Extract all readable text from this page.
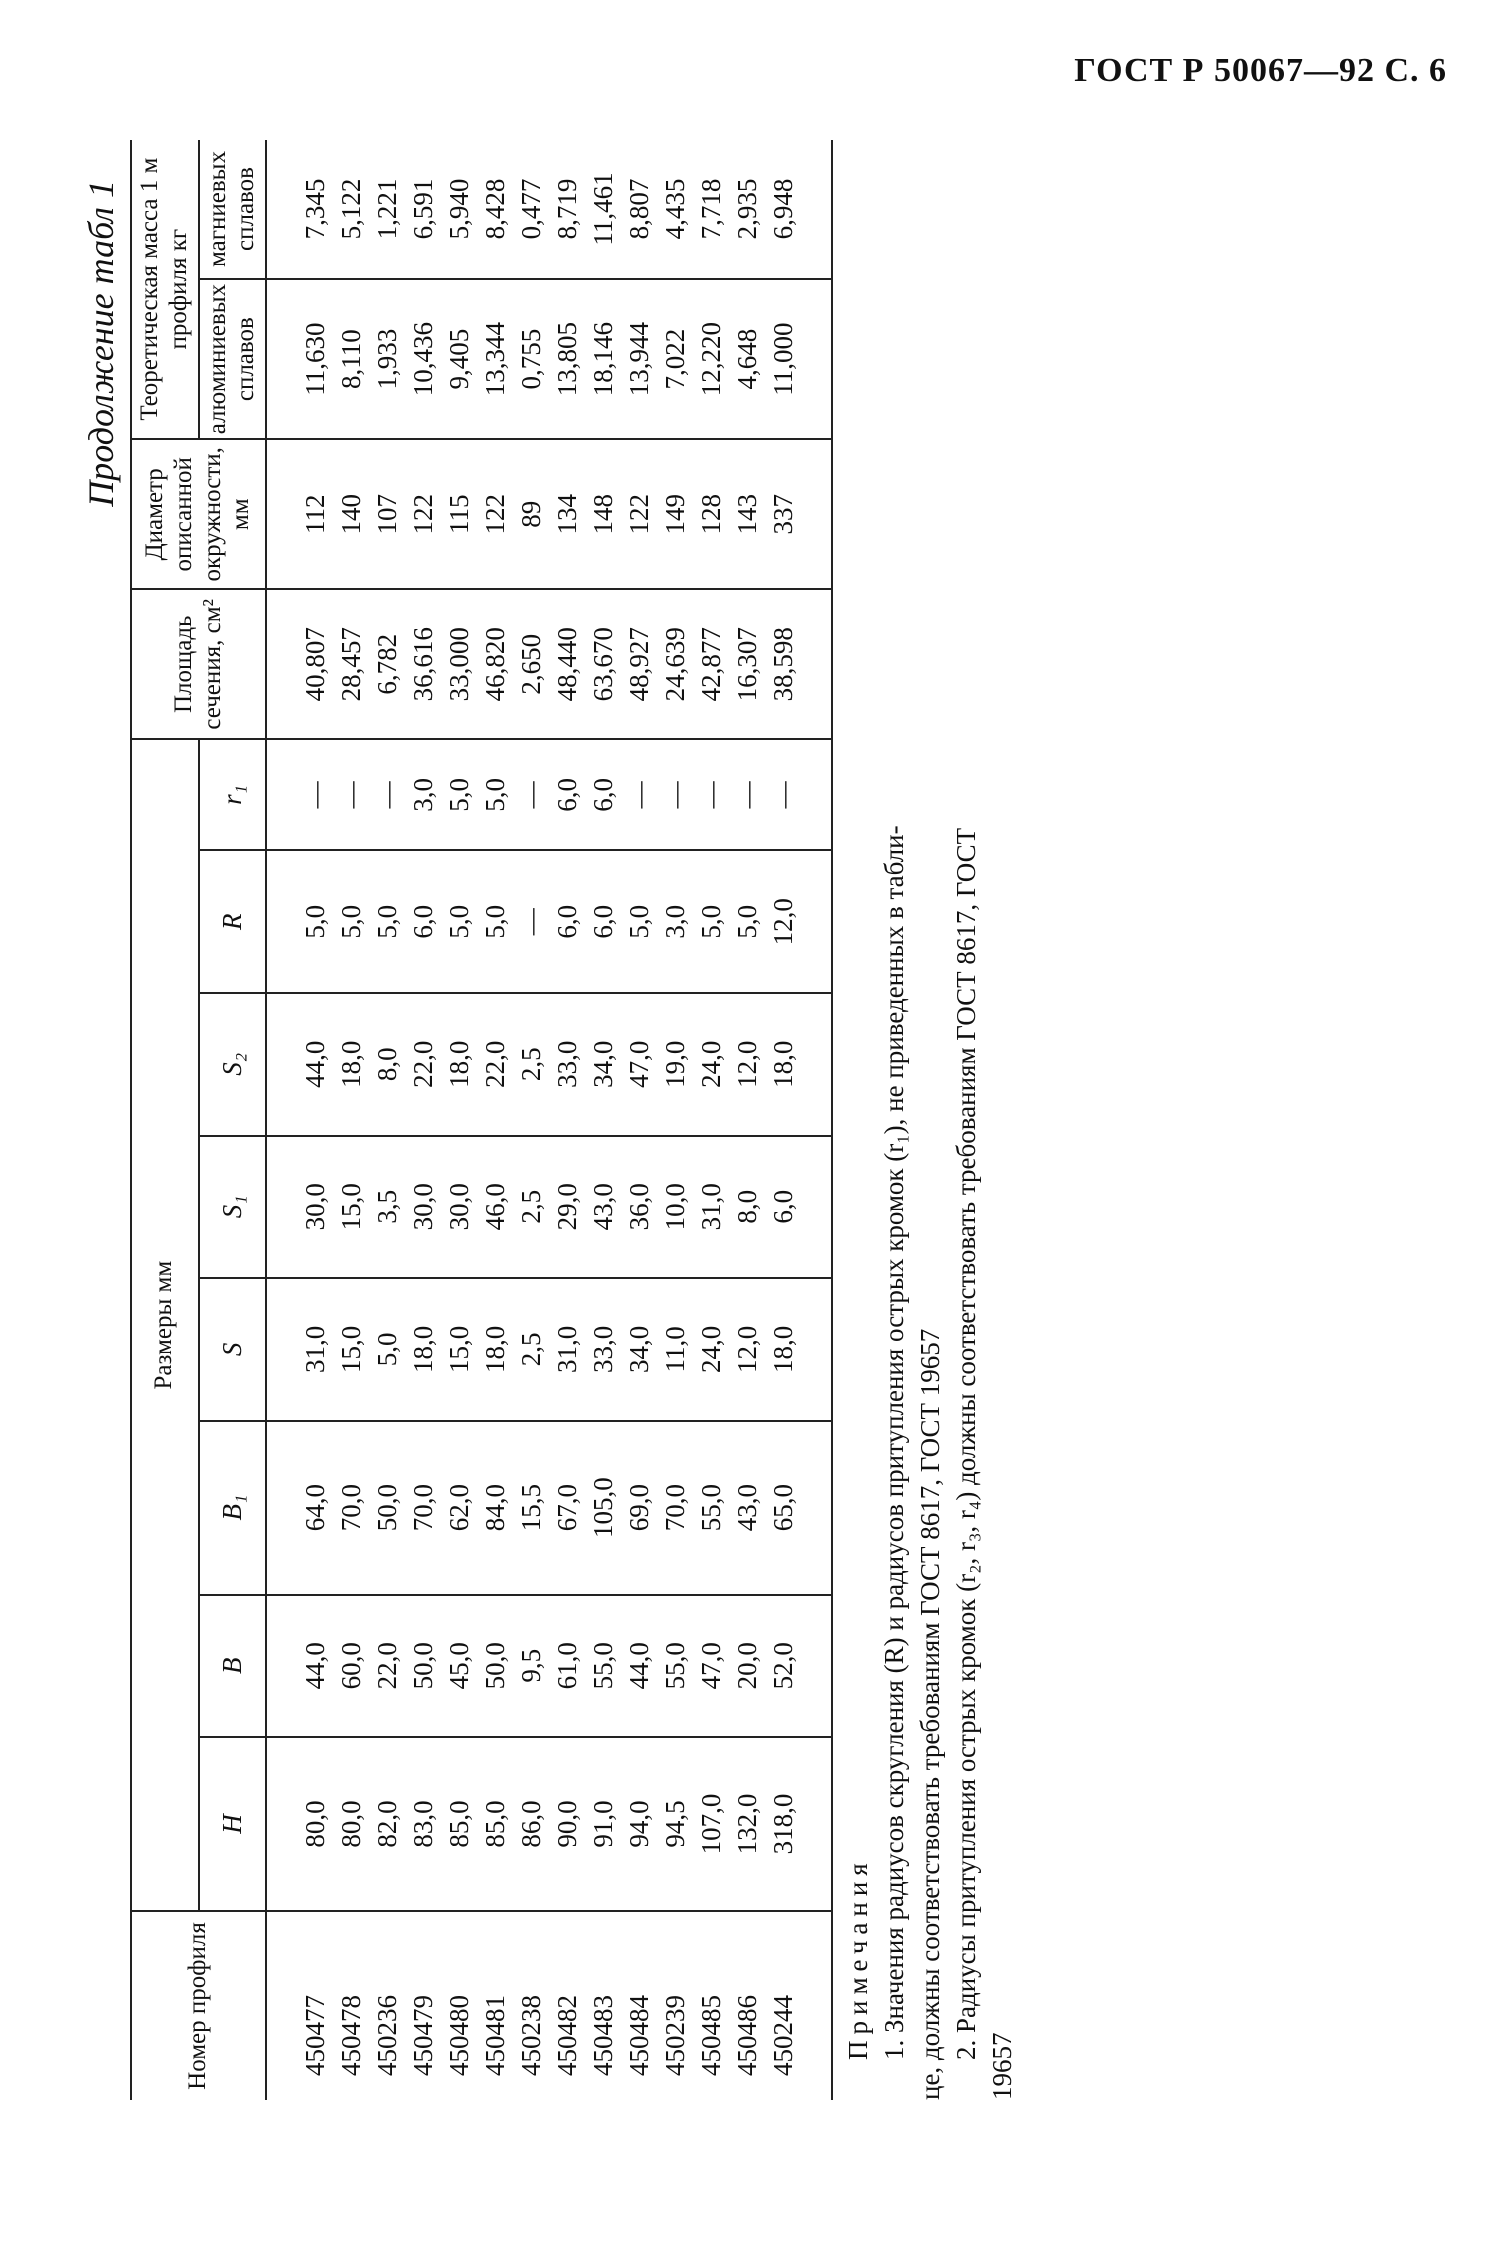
ГОСТ Р 50067—92 С. 6
Продолжение табл 1
Номер профиля	Размеры мм								Площадь сечения, см²	Диаметр описанной окружности, мм	Теоретическая масса 1 м профиля кг	
	H	B	B₁	S	S₁	S₂	R	r₁			алюминиевых сплавов	магниевых сплавов
450477	80,0	44,0	64,0	31,0	30,0	44,0	5,0	—	40,807	112	11,630	7,345
450478	80,0	60,0	70,0	15,0	15,0	18,0	5,0	—	28,457	140	8,110	5,122
450236	82,0	22,0	50,0	5,0	3,5	8,0	5,0	—	6,782	107	1,933	1,221
450479	83,0	50,0	70,0	18,0	30,0	22,0	6,0	3,0	36,616	122	10,436	6,591
450480	85,0	45,0	62,0	15,0	30,0	18,0	5,0	5,0	33,000	115	9,405	5,940
450481	85,0	50,0	84,0	18,0	46,0	22,0	5,0	5,0	46,820	122	13,344	8,428
450238	86,0	9,5	15,5	2,5	2,5	2,5	—	—	2,650	89	0,755	0,477
450482	90,0	61,0	67,0	31,0	29,0	33,0	6,0	6,0	48,440	134	13,805	8,719
450483	91,0	55,0	105,0	33,0	43,0	34,0	6,0	6,0	63,670	148	18,146	11,461
450484	94,0	44,0	69,0	34,0	36,0	47,0	5,0	—	48,927	122	13,944	8,807
450239	94,5	55,0	70,0	11,0	10,0	19,0	3,0	—	24,639	149	7,022	4,435
450485	107,0	47,0	55,0	24,0	31,0	24,0	5,0	—	42,877	128	12,220	7,718
450486	132,0	20,0	43,0	12,0	8,0	12,0	5,0	—	16,307	143	4,648	2,935
450244	318,0	52,0	65,0	18,0	6,0	18,0	12,0	—	38,598	337	11,000	6,948

Примечания 1. Значения радиусов скругления (R) и радиусов притупления острых кромок (r₁), не приведенных в табли- це, должны соответствовать требованиям ГОСТ 8617, ГОСТ 19657 2. Радиусы притупления острых кромок (r₂, r₃, r₄) должны соответствовать требованиям ГОСТ 8617, ГОСТ

19657
